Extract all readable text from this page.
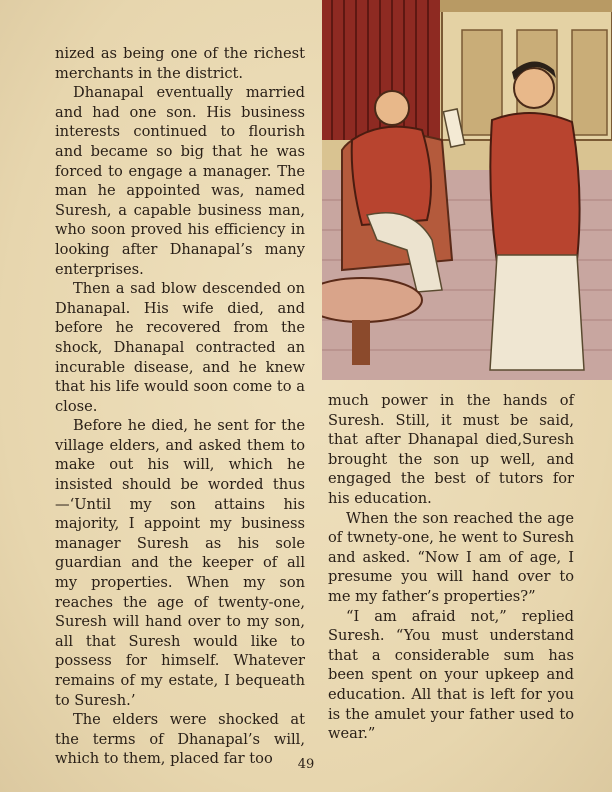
nized as being one of the richest merchants in the district.

Dhanapal eventually married and had one son. His business interests continued to flourish and became so big that he was forced to engage a manager. The man he appointed was, named Suresh, a capable business man, who soon proved his efficiency in looking after Dhanapal’s many enterprises.

Then a sad blow descended on Dhanapal. His wife died, and before he recovered from the shock, Dhanapal contracted an incurable disease, and he knew that his life would soon come to a close.

Before he died, he sent for the village elders, and asked them to make out his will, which he insisted should be worded thus—‘Until my son attains his majority, I appoint my business manager Suresh as his sole guardian and the keeper of all my properties. When my son reaches the age of twenty-one, Suresh will hand over to my son, all that Suresh would like to possess for himself. Whatever remains of my estate, I bequeath to Suresh.’

The elders were shocked at the terms of Dhanapal’s will, which to them, placed far too

much power in the hands of Suresh. Still, it must be said, that after Dhanapal died,Suresh brought the son up well, and engaged the best of tutors for his education.

When the son reached the age of twnety-one, he went to Suresh and asked. “Now I am of age, I presume you will hand over to me my father’s properties?”

“I am afraid not,” replied Suresh. “You must understand that a considerable sum has been spent on your upkeep and education. All that is left for you is the amulet your father used to wear.”

49
